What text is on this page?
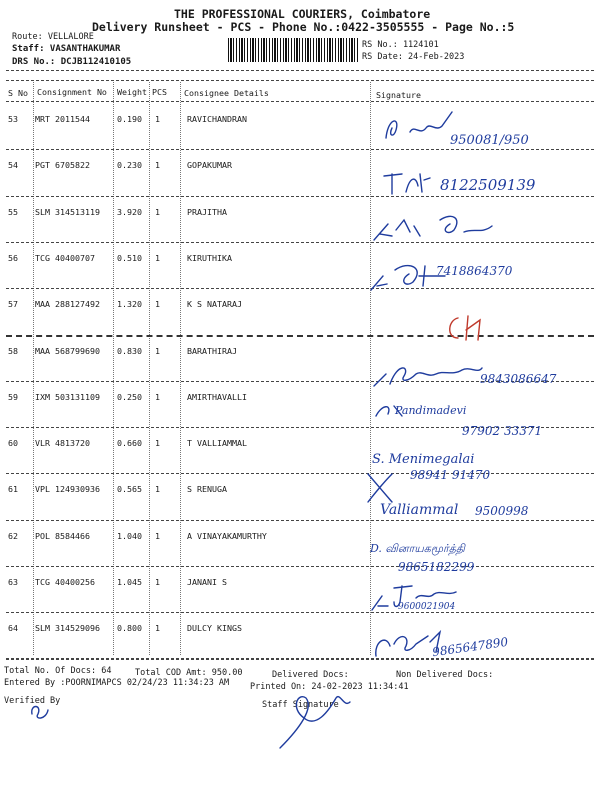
THE PROFESSIONAL COURIERS, Coimbatore
Delivery Runsheet - PCS - Phone No.:0422-3505555 - Page No.:5
Route: VELLALORE
Staff: VASANTHAKUMAR
DRS No.: DCJB112410105
RS No.: 1124101
RS Date: 24-Feb-2023
S No Consignment No Weight PCS Consignee Details	Signature
53 MRT 2011544	0.190 1	RAVICHANDRAN
54 PGT 6705822	0.230 1	GOPAKUMAR
55 SLM 314513119 3.920 1	PRAJITHA
56 TCG 40400707	0.510 1	KIRUTHIKA
57 MAA 288127492 1.320 1	K S NATARAJ
58 MAA 568799690 0.830 1	BARATHIRAJ
59 IXM 503131109 0.250 1	AMIRTHAVALLI
60 VLR 4813720	0.660 1	T VALLIAMMAL
61 VPL 124930936 0.565 1	S RENUGA
62 POL 8584466	1.040 1	A VINAYAKAMURTHY
63 TCG 40400256	1.045 1	JANANI S
64 SLM 314529096 0.800 1	DULCY KINGS
950081/950
8122509139
7418864370
9843086647
Pandimadevi
97902 33371
S. Menimegalai
98941 91470
Valliammal 9500998
D. வினாயகமூர்த்தி
9865182299
9600021904
9865647890
Total No. Of Docs: 64	Total COD Amt: 950.00	Delivered Docs:	Non Delivered Docs:
Entered By :POORNIMAPCS 02/24/23 11:34:23 AM Printed On: 24-02-2023 11:34:41
Verified By	Staff Signature
